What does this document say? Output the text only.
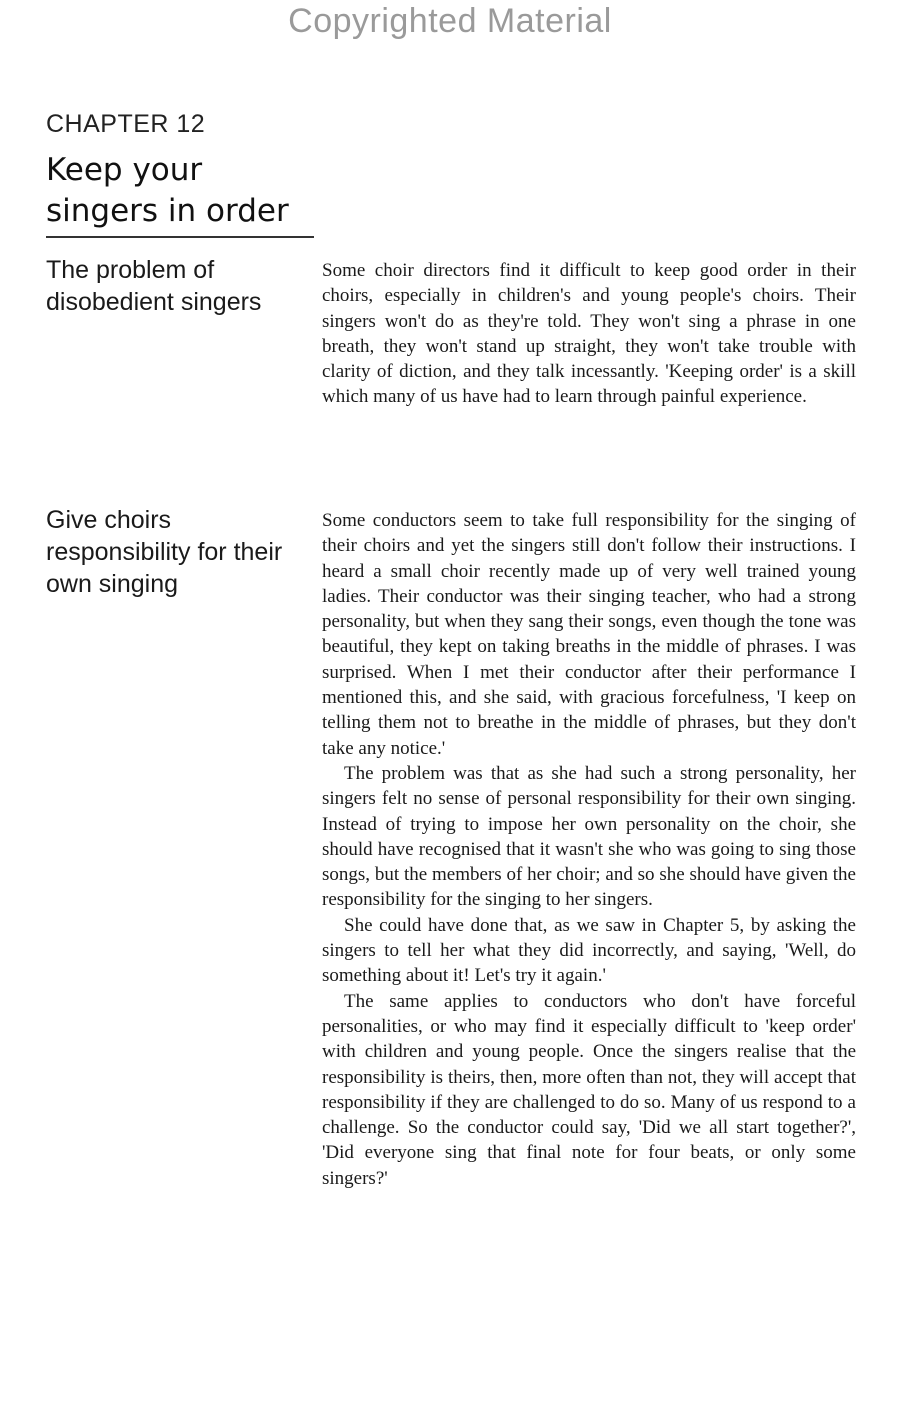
Copyrighted Material
CHAPTER 12
Keep your singers in order
The problem of disobedient singers

Some choir directors find it difficult to keep good order in their choirs, especially in children's and young people's choirs. Their singers won't do as they're told. They won't sing a phrase in one breath, they won't stand up straight, they won't take trouble with clarity of diction, and they talk incessantly. 'Keeping order' is a skill which many of us have had to learn through painful experience.

Give choirs responsibility for their own singing

Some conductors seem to take full responsibility for the singing of their choirs and yet the singers still don't follow their instructions. I heard a small choir recently made up of very well trained young ladies. Their conductor was their singing teacher, who had a strong personality, but when they sang their songs, even though the tone was beautiful, they kept on taking breaths in the middle of phrases. I was surprised. When I met their conductor after their performance I mentioned this, and she said, with gracious forcefulness, 'I keep on telling them not to breathe in the middle of phrases, but they don't take any notice.'

The problem was that as she had such a strong personality, her singers felt no sense of personal responsibility for their own singing. Instead of trying to impose her own personality on the choir, she should have recognised that it wasn't she who was going to sing those songs, but the members of her choir; and so she should have given the responsibility for the singing to her singers.

She could have done that, as we saw in Chapter 5, by asking the singers to tell her what they did incorrectly, and saying, 'Well, do something about it! Let's try it again.'

The same applies to conductors who don't have forceful personalities, or who may find it especially difficult to 'keep order' with children and young people. Once the singers realise that the responsibility is theirs, then, more often than not, they will accept that responsibility if they are challenged to do so. Many of us respond to a challenge. So the conductor could say, 'Did we all start together?', 'Did everyone sing that final note for four beats, or only some singers?'
